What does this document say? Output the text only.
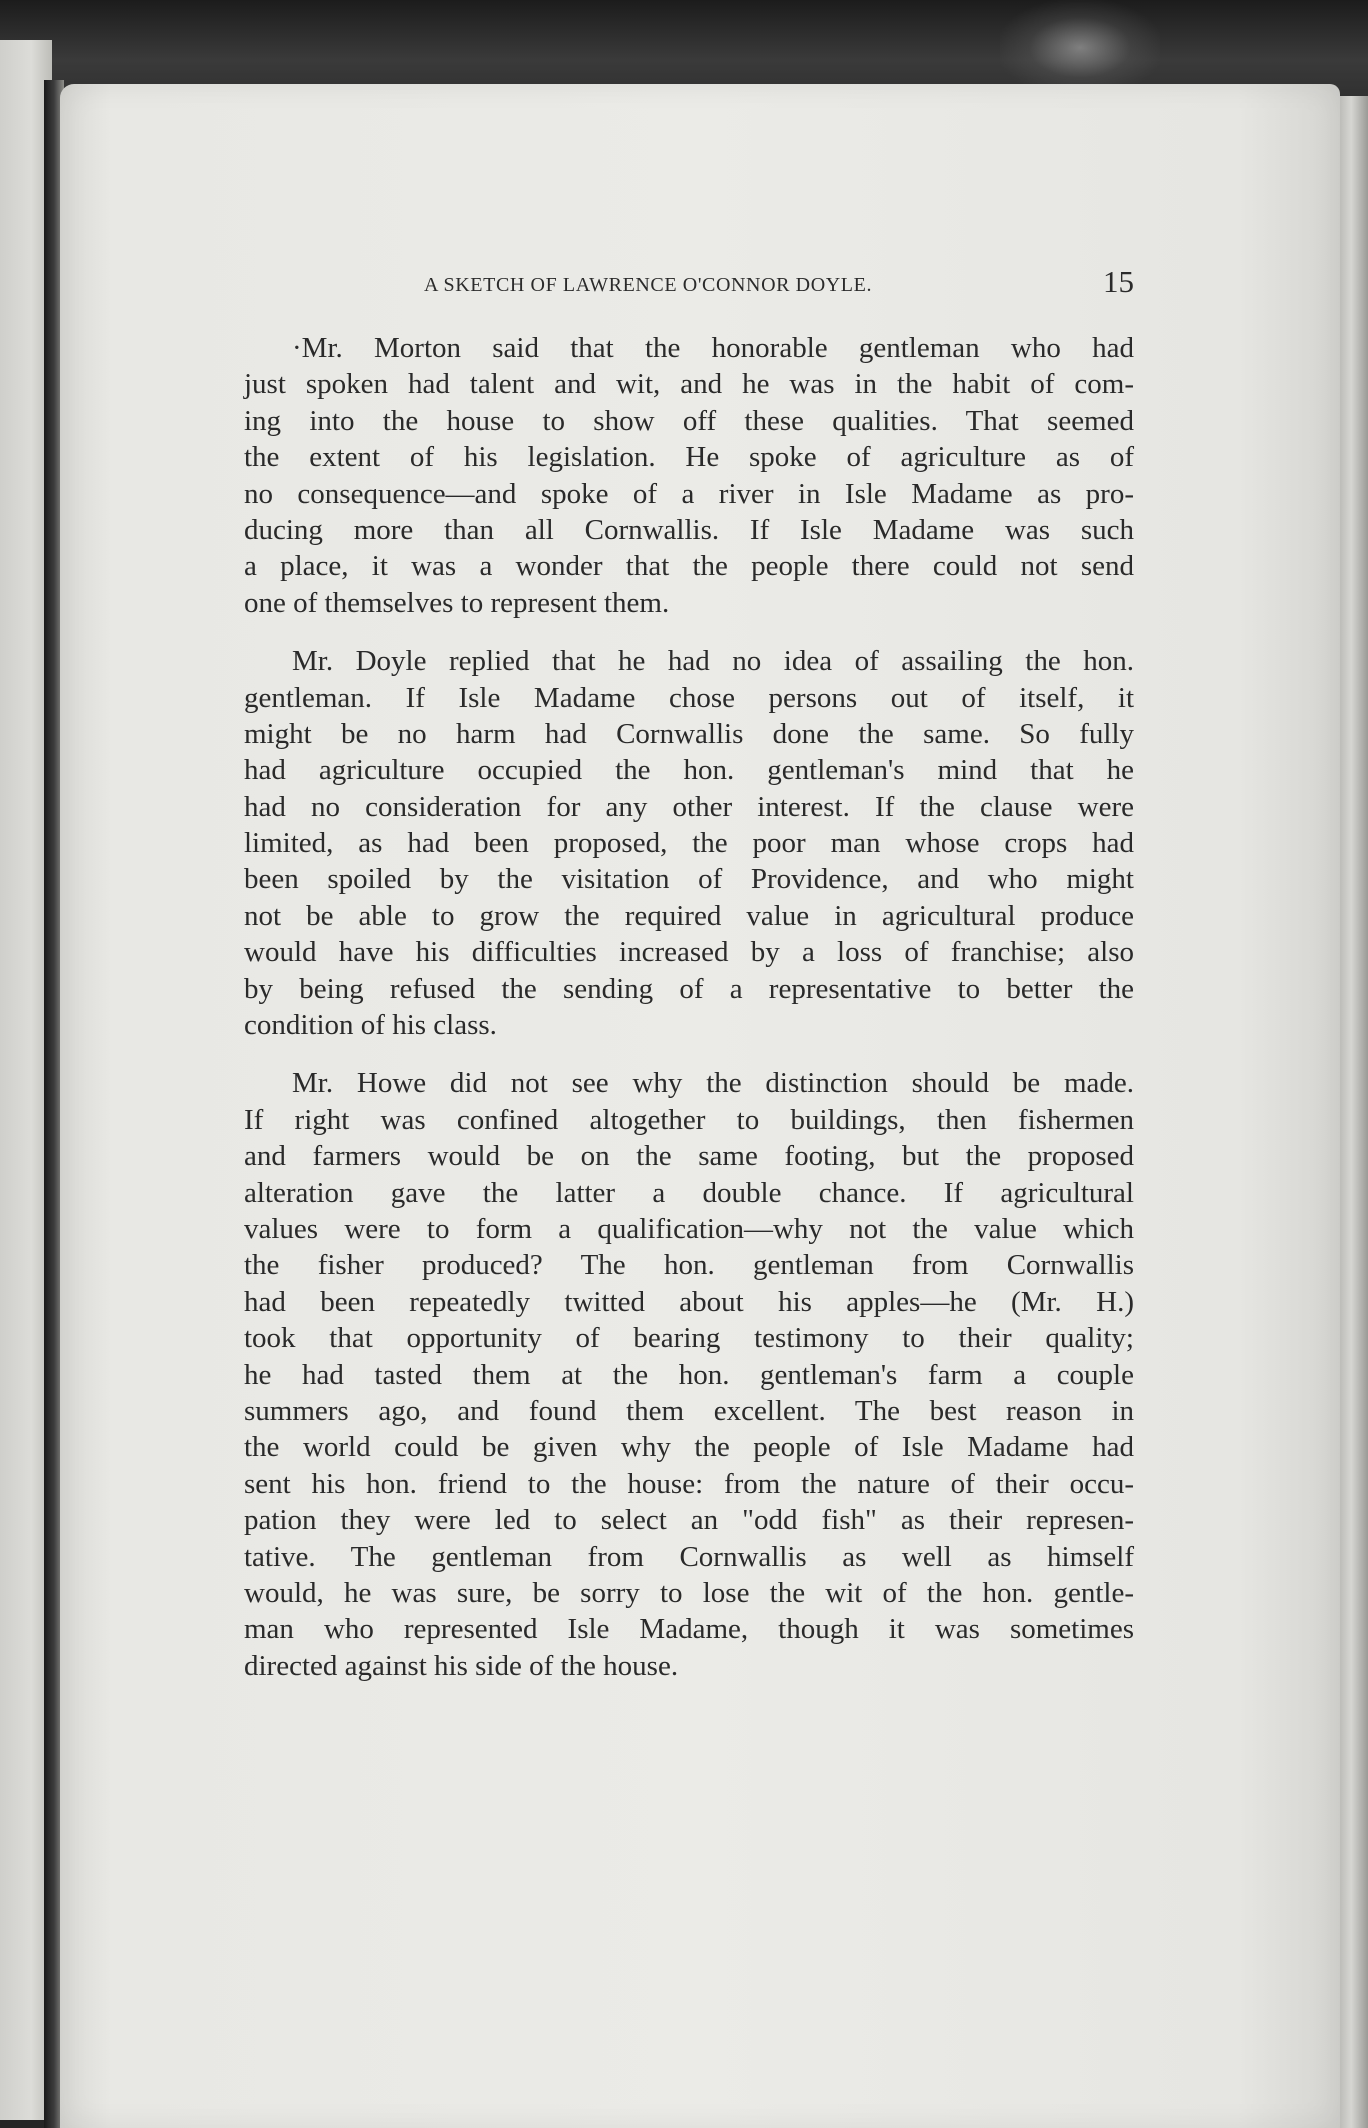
A SKETCH OF LAWRENCE O'CONNOR DOYLE.	15
·Mr. Morton said that the honorable gentleman who had
just spoken had talent and wit, and he was in the habit of com-
ing into the house to show off these qualities. That seemed
the extent of his legislation. He spoke of agriculture as of
no consequence—and spoke of a river in Isle Madame as pro-
ducing more than all Cornwallis. If Isle Madame was such
a place, it was a wonder that the people there could not send
one of themselves to represent them.
Mr. Doyle replied that he had no idea of assailing the hon.
gentleman. If Isle Madame chose persons out of itself, it
might be no harm had Cornwallis done the same. So fully
had agriculture occupied the hon. gentleman's mind that he
had no consideration for any other interest. If the clause were
limited, as had been proposed, the poor man whose crops had
been spoiled by the visitation of Providence, and who might
not be able to grow the required value in agricultural produce
would have his difficulties increased by a loss of franchise; also
by being refused the sending of a representative to better the
condition of his class.
Mr. Howe did not see why the distinction should be made.
If right was confined altogether to buildings, then fishermen
and farmers would be on the same footing, but the proposed
alteration gave the latter a double chance. If agricultural
values were to form a qualification—why not the value which
the fisher produced? The hon. gentleman from Cornwallis
had been repeatedly twitted about his apples—he (Mr. H.)
took that opportunity of bearing testimony to their quality;
he had tasted them at the hon. gentleman's farm a couple
summers ago, and found them excellent. The best reason in
the world could be given why the people of Isle Madame had
sent his hon. friend to the house: from the nature of their occu-
pation they were led to select an "odd fish" as their represen-
tative. The gentleman from Cornwallis as well as himself
would, he was sure, be sorry to lose the wit of the hon. gentle-
man who represented Isle Madame, though it was sometimes
directed against his side of the house.
